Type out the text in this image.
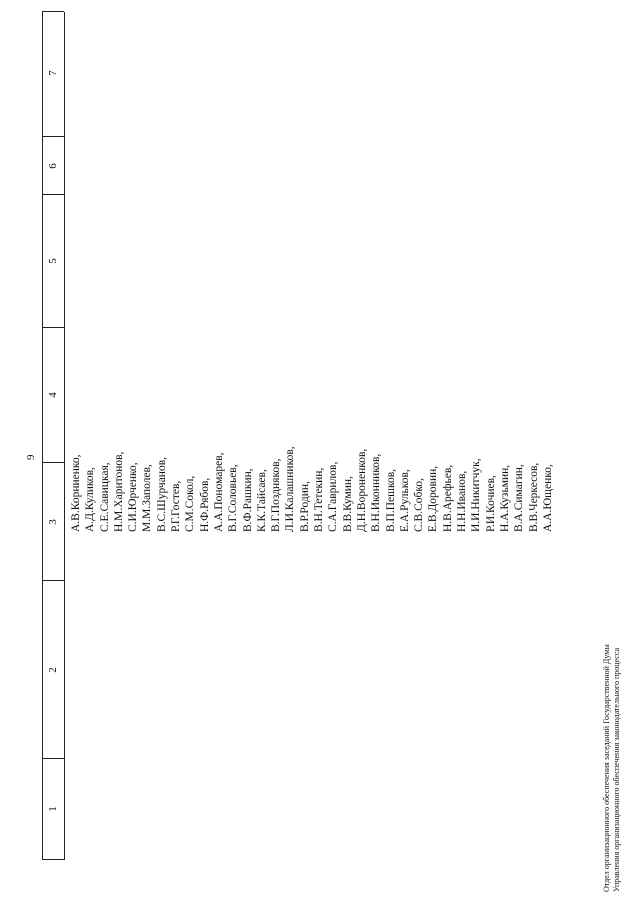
9
1
2
3
4
5
6
7
А.В.Корниенко, А.Д.Куликов, С.Е.Савицкая, Н.М.Харитонов, С.И.Юрченко, М.М.Заполев, В.С.Шурчанов, Р.Г.Гостев, С.М.Сокол, Н.Ф.Рябов, А.А.Пономарев, В.Г.Соловьев, В.Ф.Рашкин, К.К.Тайсаев, В.Г.Поздняков, Л.И.Калашников, В.Р.Родин, В.Н.Тетекин, С.А.Гаврилов, В.В.Кумин, Д.Н.Вороненков, В.Н.Иконников, В.П.Пешков, Е.А.Рульков, С.В.Собко, Е.В.Доровин, Н.В.Арефьев, Н.Н.Иванов, И.И.Никитчук, Р.И.Кочиев, Н.А.Кузьмин, В.А.Симагин, В.В.Черкесов, А.А.Ющенко,
Отдел организационного обеспечения заседаний Государственной Думы Управления организационного обеспечения законодательного процесса
